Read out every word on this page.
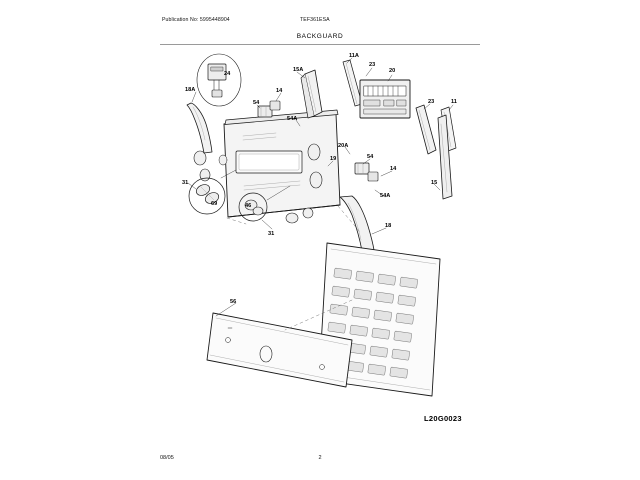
Publication No: 5995448904	TEF361ESA
BACKGUARD
24
18A
15A
11A
23
20
14
54	23	11
54A
20A
19	54
14
15
31
69	46
54A
31
18
56
L20G0023
08/05	2
